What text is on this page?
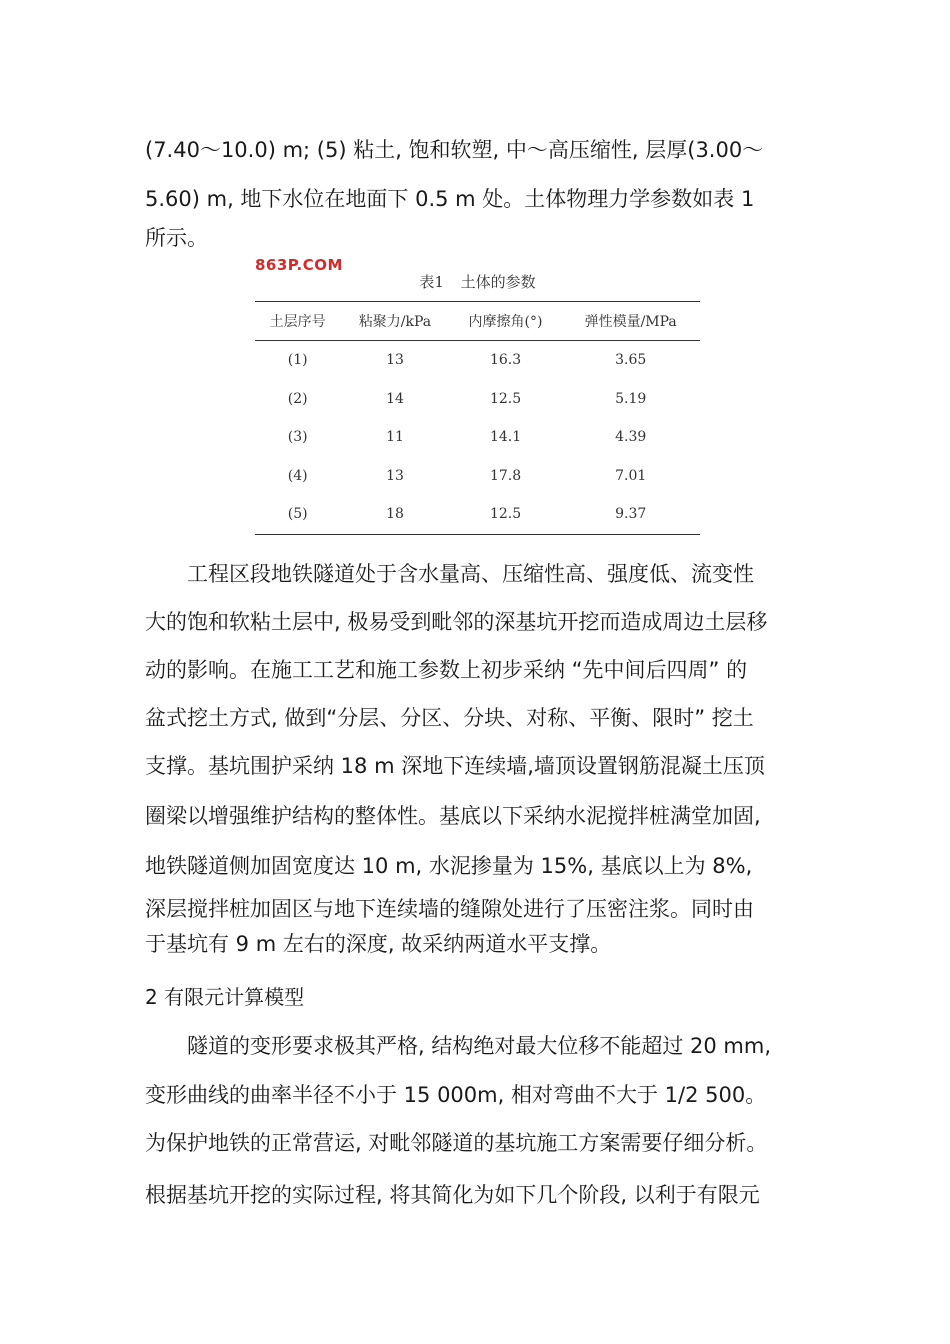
(7.40～10.0) m; (5) 粘土, 饱和软塑, 中～高压缩性, 层厚(3.00～
5.60) m, 地下水位在地面下 0.5 m 处。土体物理力学参数如表 1
所示。
863P.COM
表1 土体的参数
土层序号	粘聚力/kPa	内摩擦角(°)	弹性模量/MPa
(1)	13	16.3	3.65
(2)	14	12.5	5.19
(3)	11	14.1	4.39
(4)	13	17.8	7.01
(5)	18	12.5	9.37
工程区段地铁隧道处于含水量高、压缩性高、强度低、流变性
大的饱和软粘土层中, 极易受到毗邻的深基坑开挖而造成周边土层移
动的影响。在施工工艺和施工参数上初步采纳 “先中间后四周” 的
盆式挖土方式, 做到“分层、分区、分块、对称、平衡、限时” 挖土
支撑。基坑围护采纳 18 m 深地下连续墙,墙顶设置钢筋混凝土压顶
圈梁以增强维护结构的整体性。基底以下采纳水泥搅拌桩满堂加固,
地铁隧道侧加固宽度达 10 m, 水泥掺量为 15%, 基底以上为 8%,
深层搅拌桩加固区与地下连续墙的缝隙处进行了压密注浆。同时由
于基坑有 9 m 左右的深度, 故采纳两道水平支撑。
2 有限元计算模型
隧道的变形要求极其严格, 结构绝对最大位移不能超过 20 mm,
变形曲线的曲率半径不小于 15 000m, 相对弯曲不大于 1/2 500。
为保护地铁的正常营运, 对毗邻隧道的基坑施工方案需要仔细分析。
根据基坑开挖的实际过程, 将其简化为如下几个阶段, 以利于有限元
